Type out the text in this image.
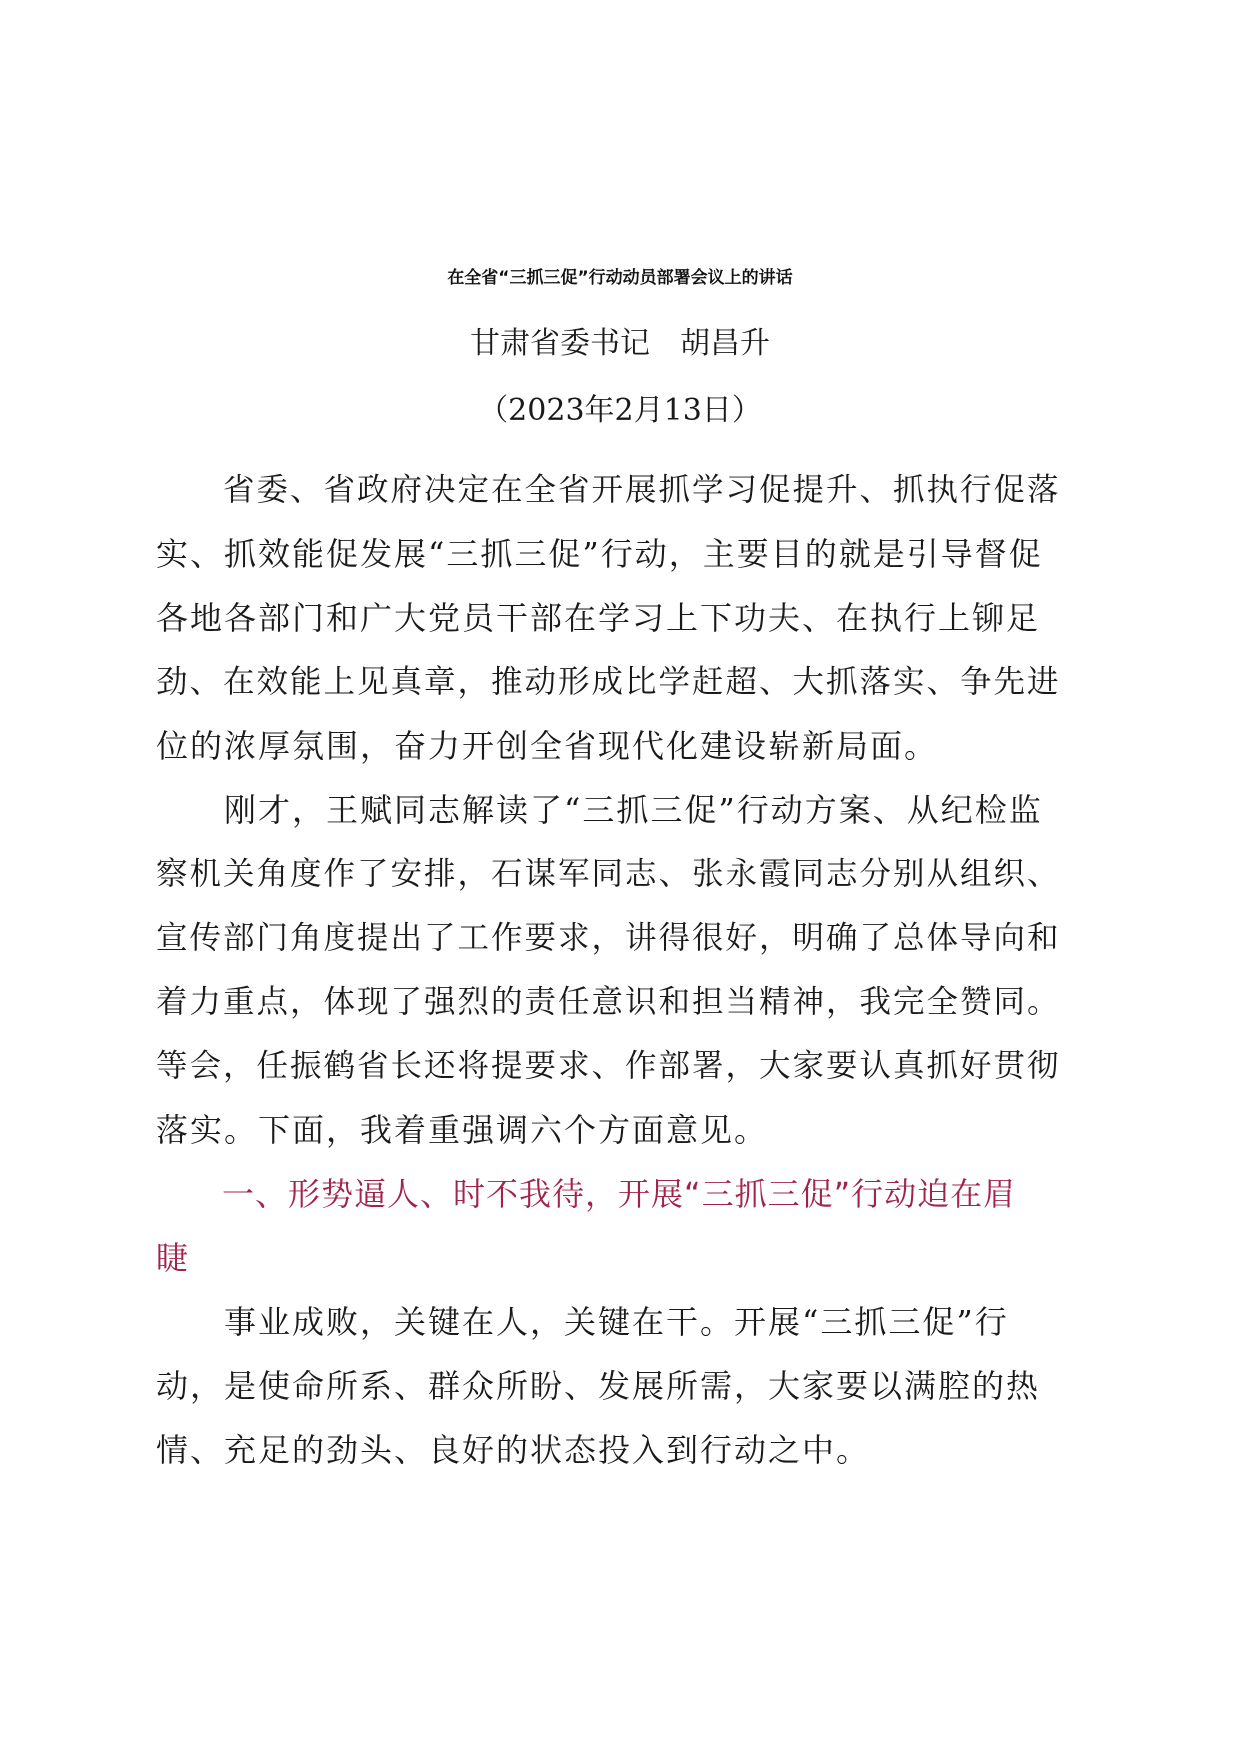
在全省“三抓三促”行动动员部署会议上的讲话
甘肃省委书记　胡昌升
（2023年2月13日）
　　省委、省政府决定在全省开展抓学习促提升、抓执行促落
实、抓效能促发展“三抓三促”行动，主要目的就是引导督促
各地各部门和广大党员干部在学习上下功夫、在执行上铆足
劲、在效能上见真章，推动形成比学赶超、大抓落实、争先进
位的浓厚氛围，奋力开创全省现代化建设崭新局面。
　　刚才，王赋同志解读了“三抓三促”行动方案、从纪检监
察机关角度作了安排，石谋军同志、张永霞同志分别从组织、
宣传部门角度提出了工作要求，讲得很好，明确了总体导向和
着力重点，体现了强烈的责任意识和担当精神，我完全赞同。
等会，任振鹤省长还将提要求、作部署，大家要认真抓好贯彻
落实。下面，我着重强调六个方面意见。
　　一、形势逼人、时不我待，开展“三抓三促”行动迫在眉
睫
　　事业成败，关键在人，关键在干。开展“三抓三促”行
动，是使命所系、群众所盼、发展所需，大家要以满腔的热
情、充足的劲头、良好的状态投入到行动之中。
